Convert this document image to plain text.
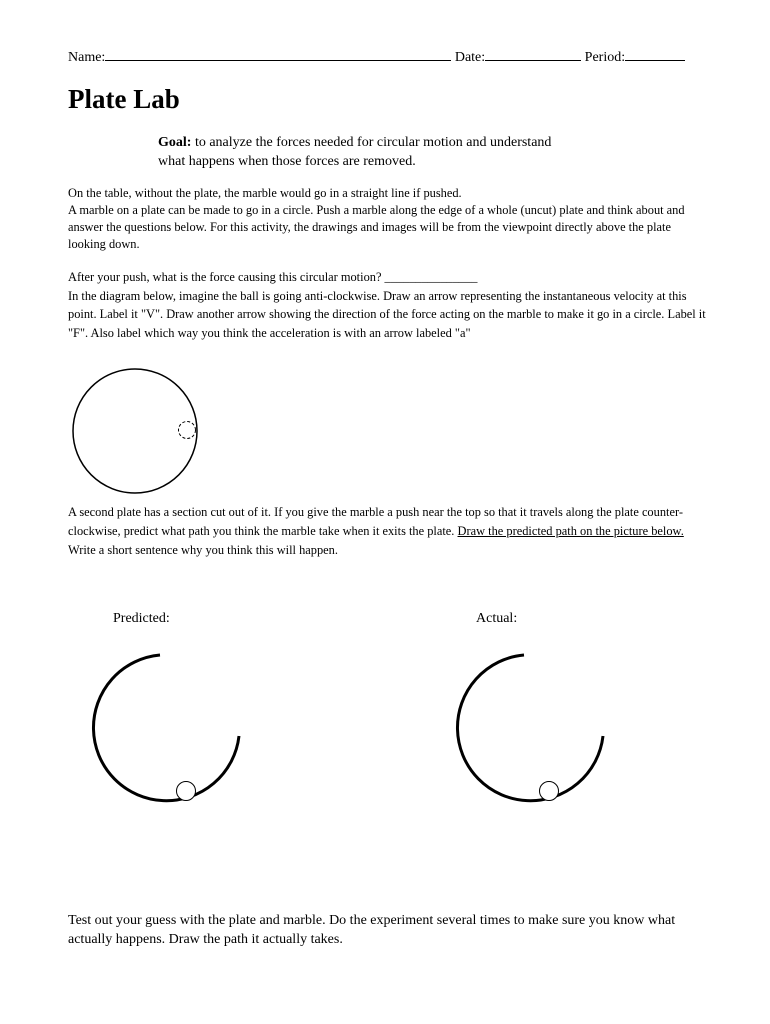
Name:	Date:	Period:
Plate Lab
Goal: to analyze the forces needed for circular motion and understand what happens when those forces are removed.

On the table, without the plate, the marble would go in a straight line if pushed.

A marble on a plate can be made to go in a circle. Push a marble along the edge of a whole (uncut) plate and think about and answer the questions below. For this activity, the drawings and images will be from the viewpoint directly above the plate looking down.

After your push, what is the force causing this circular motion? _______________

In the diagram below, imagine the ball is going anti-clockwise. Draw an arrow representing the instantaneous velocity at this point. Label it "V". Draw another arrow showing the direction of the force acting on the marble to make it go in a circle. Label it "F". Also label which way you think the acceleration is with an arrow labeled "a"

A second plate has a section cut out of it. If you give the marble a push near the top so that it travels along the plate counter-clockwise, predict what path you think the marble take when it exits the plate. Draw the predicted path on the picture below. Write a short sentence why you think this will happen.
Predicted:	Actual:
Test out your guess with the plate and marble. Do the experiment several times to make sure you know what actually happens. Draw the path it actually takes.
